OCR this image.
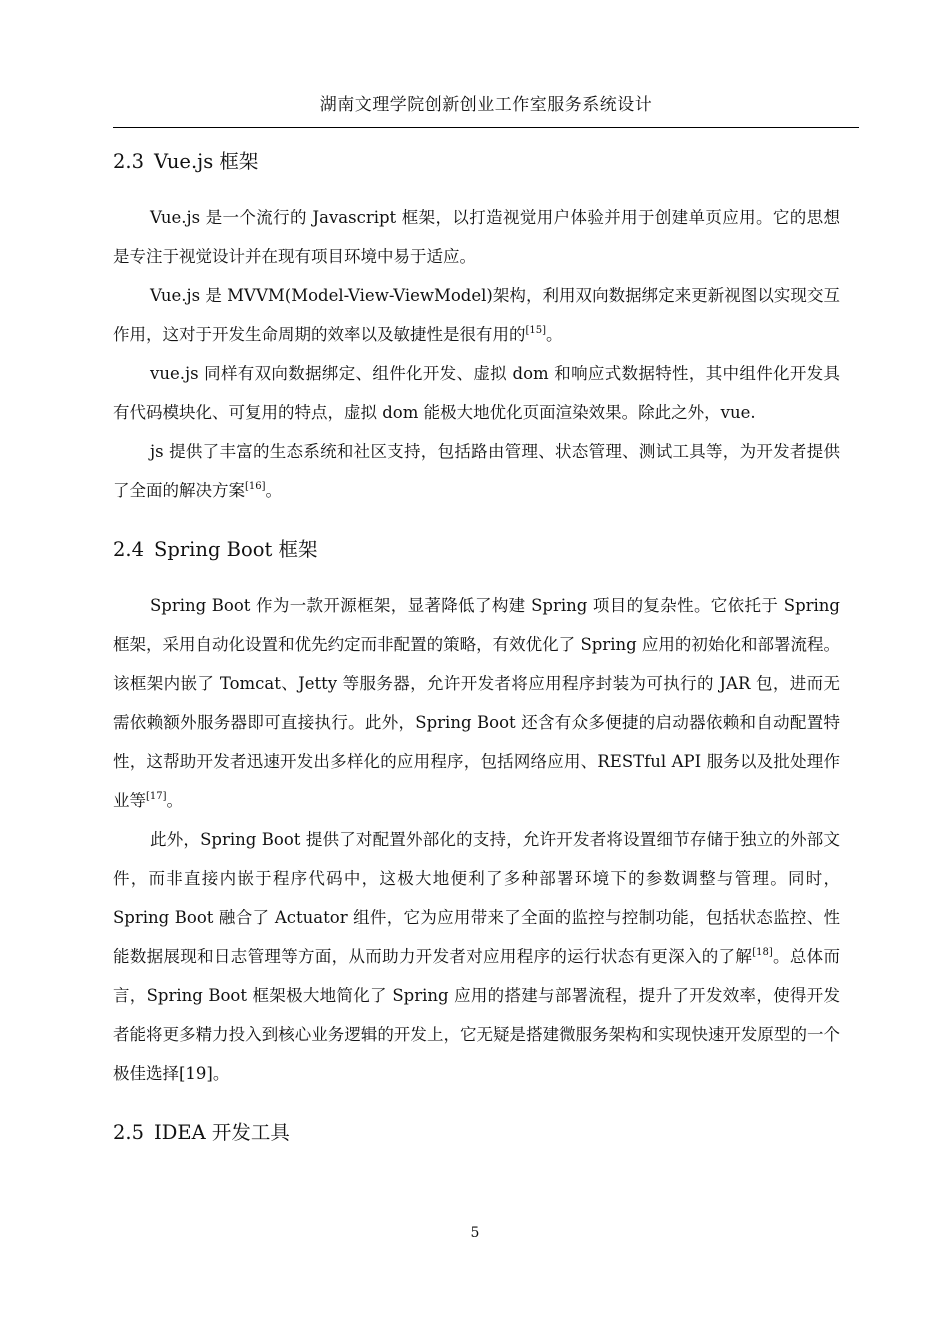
湖南文理学院创新创业工作室服务系统设计
2.3 Vue.js 框架

Vue.js 是一个流行的 Javascript 框架，以打造视觉用户体验并用于创建单页应用。它的思想是专注于视觉设计并在现有项目环境中易于适应。

Vue.js 是 MVVM(Model-View-ViewModel)架构，利用双向数据绑定来更新视图以实现交互作用，这对于开发生命周期的效率以及敏捷性是很有用的[15]。

vue.js 同样有双向数据绑定、组件化开发、虚拟 dom 和响应式数据特性，其中组件化开发具有代码模块化、可复用的特点，虚拟 dom 能极大地优化页面渲染效果。除此之外，vue.

js 提供了丰富的生态系统和社区支持，包括路由管理、状态管理、测试工具等，为开发者提供了全面的解决方案[16]。

2.4 Spring Boot 框架

Spring Boot 作为一款开源框架，显著降低了构建 Spring 项目的复杂性。它依托于 Spring 框架，采用自动化设置和优先约定而非配置的策略，有效优化了 Spring 应用的初始化和部署流程。该框架内嵌了 Tomcat、Jetty 等服务器，允许开发者将应用程序封装为可执行的 JAR 包，进而无需依赖额外服务器即可直接执行。此外，Spring Boot 还含有众多便捷的启动器依赖和自动配置特性，这帮助开发者迅速开发出多样化的应用程序，包括网络应用、RESTful API 服务以及批处理作业等[17]。

此外，Spring Boot 提供了对配置外部化的支持，允许开发者将设置细节存储于独立的外部文件，而非直接内嵌于程序代码中，这极大地便利了多种部署环境下的参数调整与管理。同时，Spring Boot 融合了 Actuator 组件，它为应用带来了全面的监控与控制功能，包括状态监控、性能数据展现和日志管理等方面，从而助力开发者对应用程序的运行状态有更深入的了解[18]。总体而言，Spring Boot 框架极大地简化了 Spring 应用的搭建与部署流程，提升了开发效率，使得开发者能将更多精力投入到核心业务逻辑的开发上，它无疑是搭建微服务架构和实现快速开发原型的一个极佳选择[19]。

2.5 IDEA 开发工具
5
